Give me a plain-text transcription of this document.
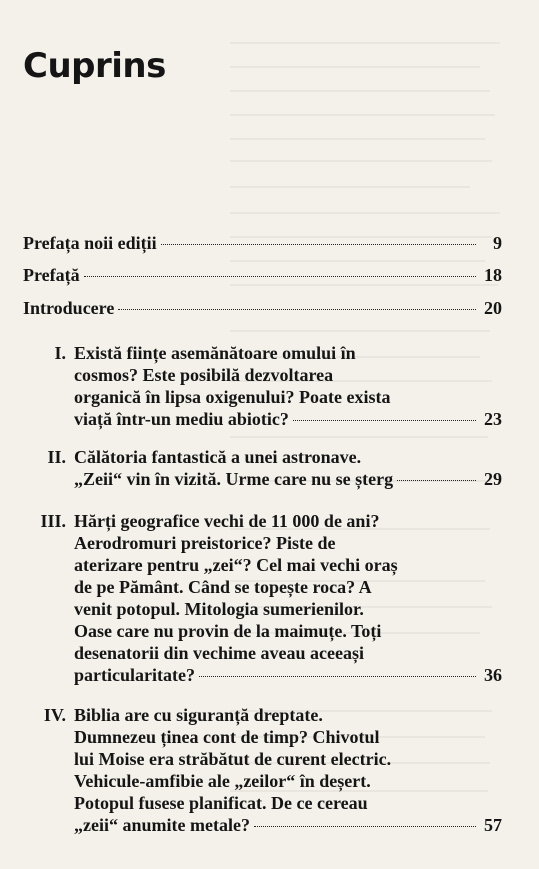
Cuprins
Prefața noii ediții	9
Prefață	18
Introducere	20
I. Există ființe asemănătoare omului în
cosmos? Este posibilă dezvoltarea
organică în lipsa oxigenului? Poate exista
viață într-un mediu abiotic?	23
II. Călătoria fantastică a unei astronave.
„Zeii“ vin în vizită. Urme care nu se șterg	29
III. Hărți geografice vechi de 11 000 de ani?
Aerodromuri preistorice? Piste de
aterizare pentru „zei“? Cel mai vechi oraș
de pe Pământ. Când se topește roca? A
venit potopul. Mitologia sumerienilor.
Oase care nu provin de la maimuțe. Toți
desenatorii din vechime aveau aceeași
particularitate?	36
IV. Biblia are cu siguranță dreptate.
Dumnezeu ținea cont de timp? Chivotul
lui Moise era străbătut de curent electric.
Vehicule-amfibie ale „zeilor“ în deșert.
Potopul fusese planificat. De ce cereau
„zeii“ anumite metale?	57
